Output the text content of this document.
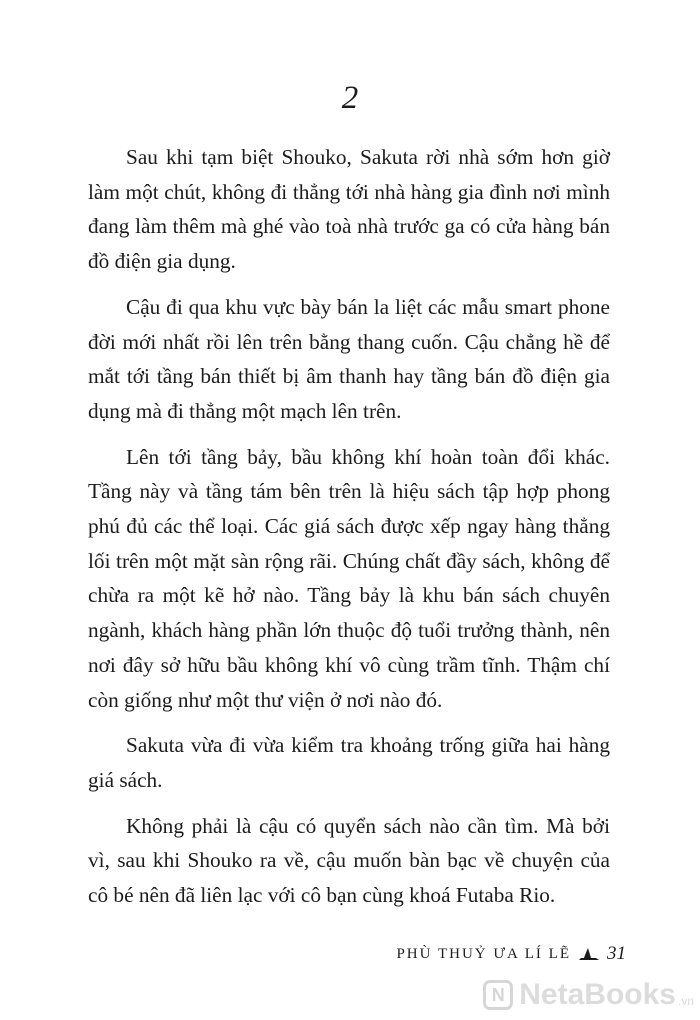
2

Sau khi tạm biệt Shouko, Sakuta rời nhà sớm hơn giờ làm một chút, không đi thẳng tới nhà hàng gia đình nơi mình đang làm thêm mà ghé vào toà nhà trước ga có cửa hàng bán đồ điện gia dụng.

Cậu đi qua khu vực bày bán la liệt các mẫu smart phone đời mới nhất rồi lên trên bằng thang cuốn. Cậu chẳng hề để mắt tới tầng bán thiết bị âm thanh hay tầng bán đồ điện gia dụng mà đi thẳng một mạch lên trên.

Lên tới tầng bảy, bầu không khí hoàn toàn đổi khác. Tầng này và tầng tám bên trên là hiệu sách tập hợp phong phú đủ các thể loại. Các giá sách được xếp ngay hàng thẳng lối trên một mặt sàn rộng rãi. Chúng chất đầy sách, không để chừa ra một kẽ hở nào. Tầng bảy là khu bán sách chuyên ngành, khách hàng phần lớn thuộc độ tuổi trưởng thành, nên nơi đây sở hữu bầu không khí vô cùng trầm tĩnh. Thậm chí còn giống như một thư viện ở nơi nào đó.

Sakuta vừa đi vừa kiểm tra khoảng trống giữa hai hàng giá sách.

Không phải là cậu có quyển sách nào cần tìm. Mà bởi vì, sau khi Shouko ra về, cậu muốn bàn bạc về chuyện của cô bé nên đã liên lạc với cô bạn cùng khoá Futaba Rio.

PHÙ THUỶ ƯA LÍ LẼ 31
N NetaBooks .vn
